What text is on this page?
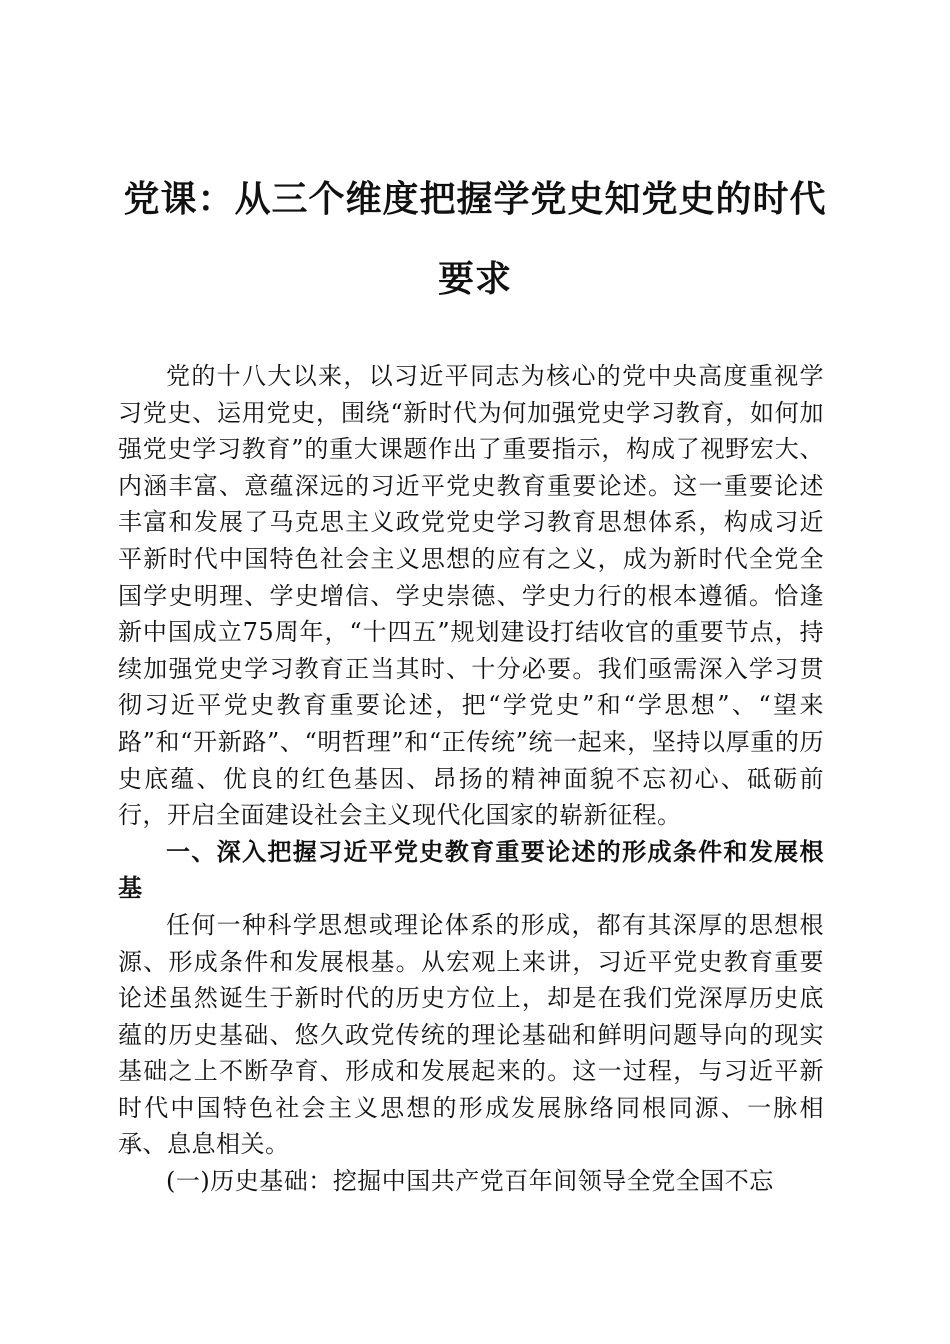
党课：从三个维度把握学党史知党史的时代要求

党的十八大以来，以习近平同志为核心的党中央高度重视学习党史、运用党史，围绕“新时代为何加强党史学习教育，如何加强党史学习教育”的重大课题作出了重要指示，构成了视野宏大、内涵丰富、意蕴深远的习近平党史教育重要论述。这一重要论述丰富和发展了马克思主义政党党史学习教育思想体系，构成习近平新时代中国特色社会主义思想的应有之义，成为新时代全党全国学史明理、学史增信、学史崇德、学史力行的根本遵循。恰逢新中国成立75周年，“十四五”规划建设打结收官的重要节点，持续加强党史学习教育正当其时、十分必要。我们亟需深入学习贯彻习近平党史教育重要论述，把“学党史”和“学思想”、“望来路”和“开新路”、“明哲理”和“正传统”统一起来，坚持以厚重的历史底蕴、优良的红色基因、昂扬的精神面貌不忘初心、砥砺前行，开启全面建设社会主义现代化国家的崭新征程。

一、深入把握习近平党史教育重要论述的形成条件和发展根基

任何一种科学思想或理论体系的形成，都有其深厚的思想根源、形成条件和发展根基。从宏观上来讲，习近平党史教育重要论述虽然诞生于新时代的历史方位上，却是在我们党深厚历史底蕴的历史基础、悠久政党传统的理论基础和鲜明问题导向的现实基础之上不断孕育、形成和发展起来的。这一过程，与习近平新时代中国特色社会主义思想的形成发展脉络同根同源、一脉相承、息息相关。

(一)历史基础：挖掘中国共产党百年间领导全党全国不忘
